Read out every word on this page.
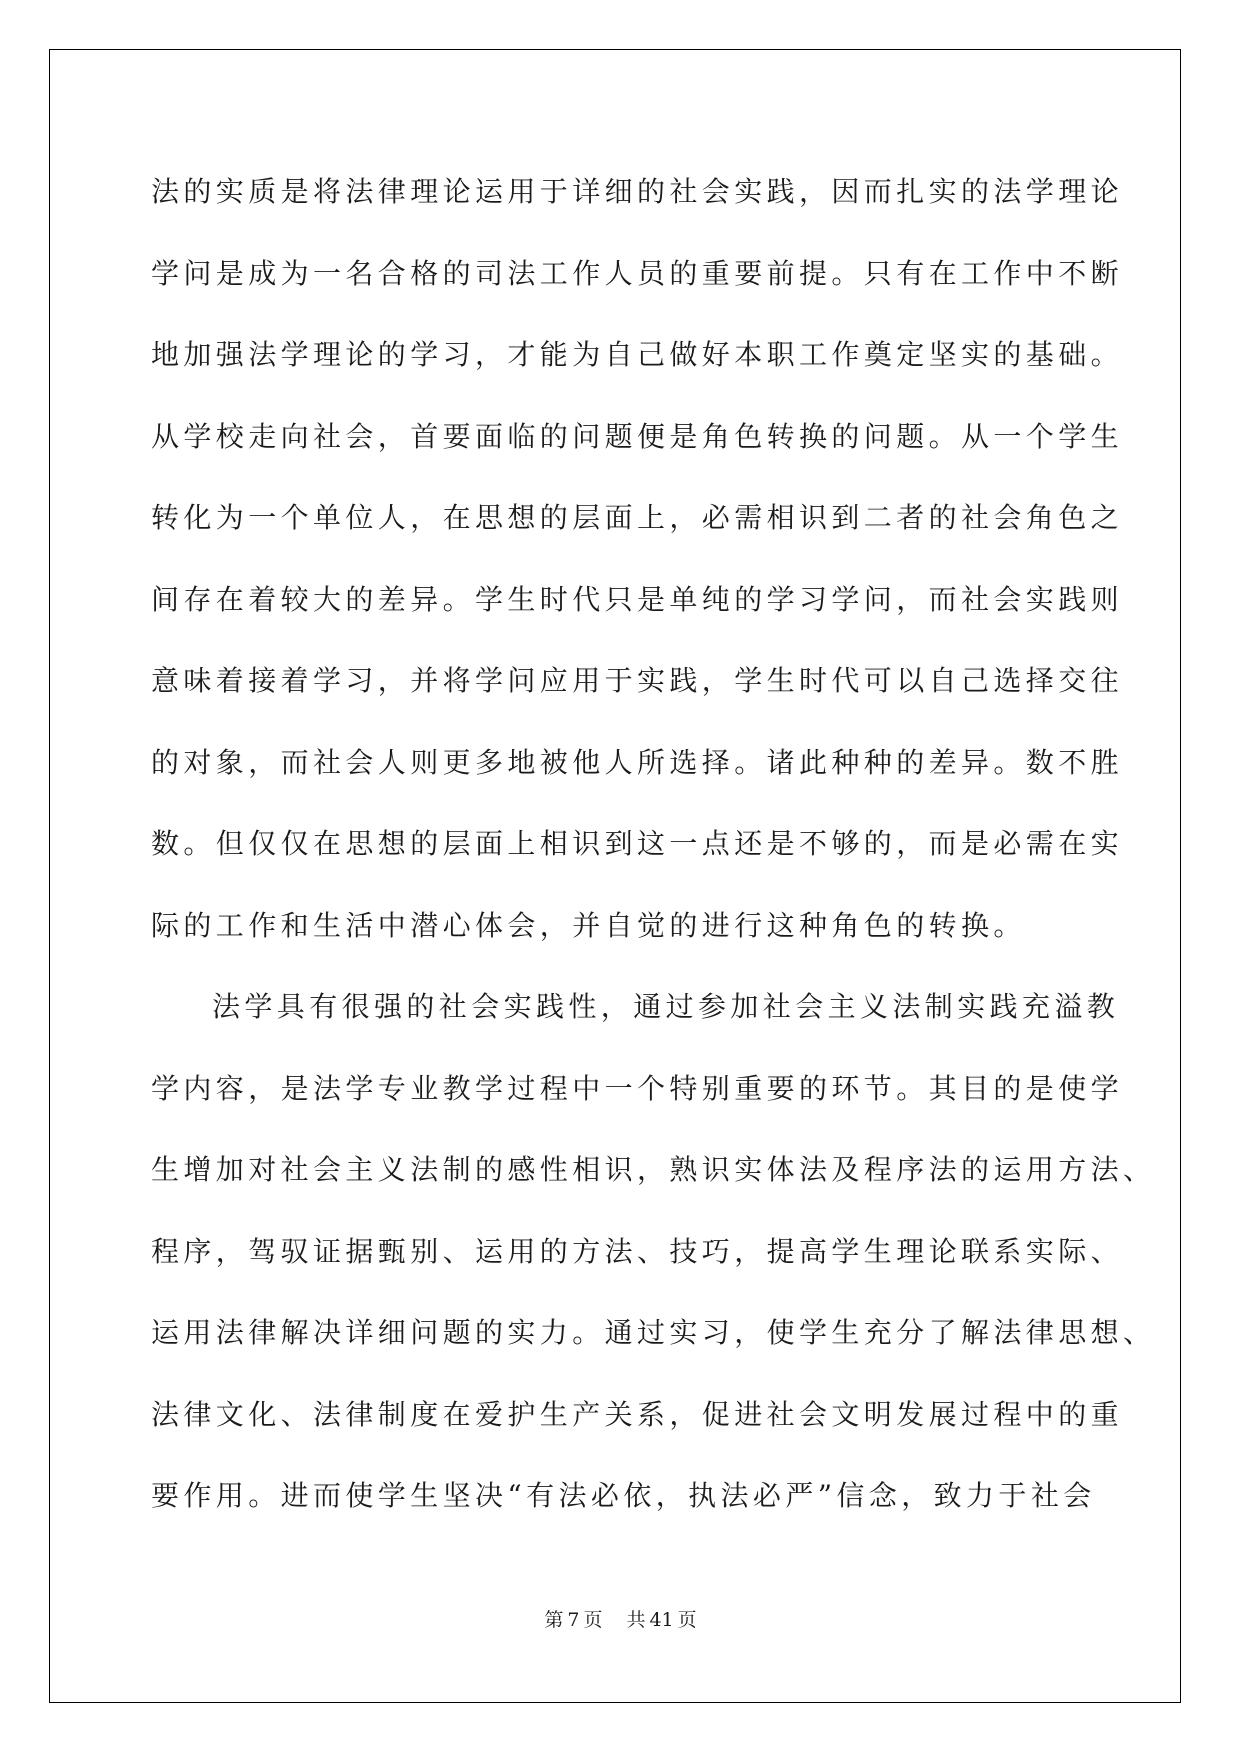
法的实质是将法律理论运用于详细的社会实践，因而扎实的法学理论
学问是成为一名合格的司法工作人员的重要前提。只有在工作中不断
地加强法学理论的学习，才能为自己做好本职工作奠定坚实的基础。
从学校走向社会，首要面临的问题便是角色转换的问题。从一个学生
转化为一个单位人，在思想的层面上，必需相识到二者的社会角色之
间存在着较大的差异。学生时代只是单纯的学习学问，而社会实践则
意味着接着学习，并将学问应用于实践，学生时代可以自己选择交往
的对象，而社会人则更多地被他人所选择。诸此种种的差异。数不胜
数。但仅仅在思想的层面上相识到这一点还是不够的，而是必需在实
际的工作和生活中潜心体会，并自觉的进行这种角色的转换。
法学具有很强的社会实践性，通过参加社会主义法制实践充溢教
学内容，是法学专业教学过程中一个特别重要的环节。其目的是使学
生增加对社会主义法制的感性相识，熟识实体法及程序法的运用方法、
程序，驾驭证据甄别、运用的方法、技巧，提高学生理论联系实际、
运用法律解决详细问题的实力。通过实习，使学生充分了解法律思想、
法律文化、法律制度在爱护生产关系，促进社会文明发展过程中的重
要作用。进而使学生坚决“有法必依，执法必严”信念，致力于社会
第 7 页 共 41 页
